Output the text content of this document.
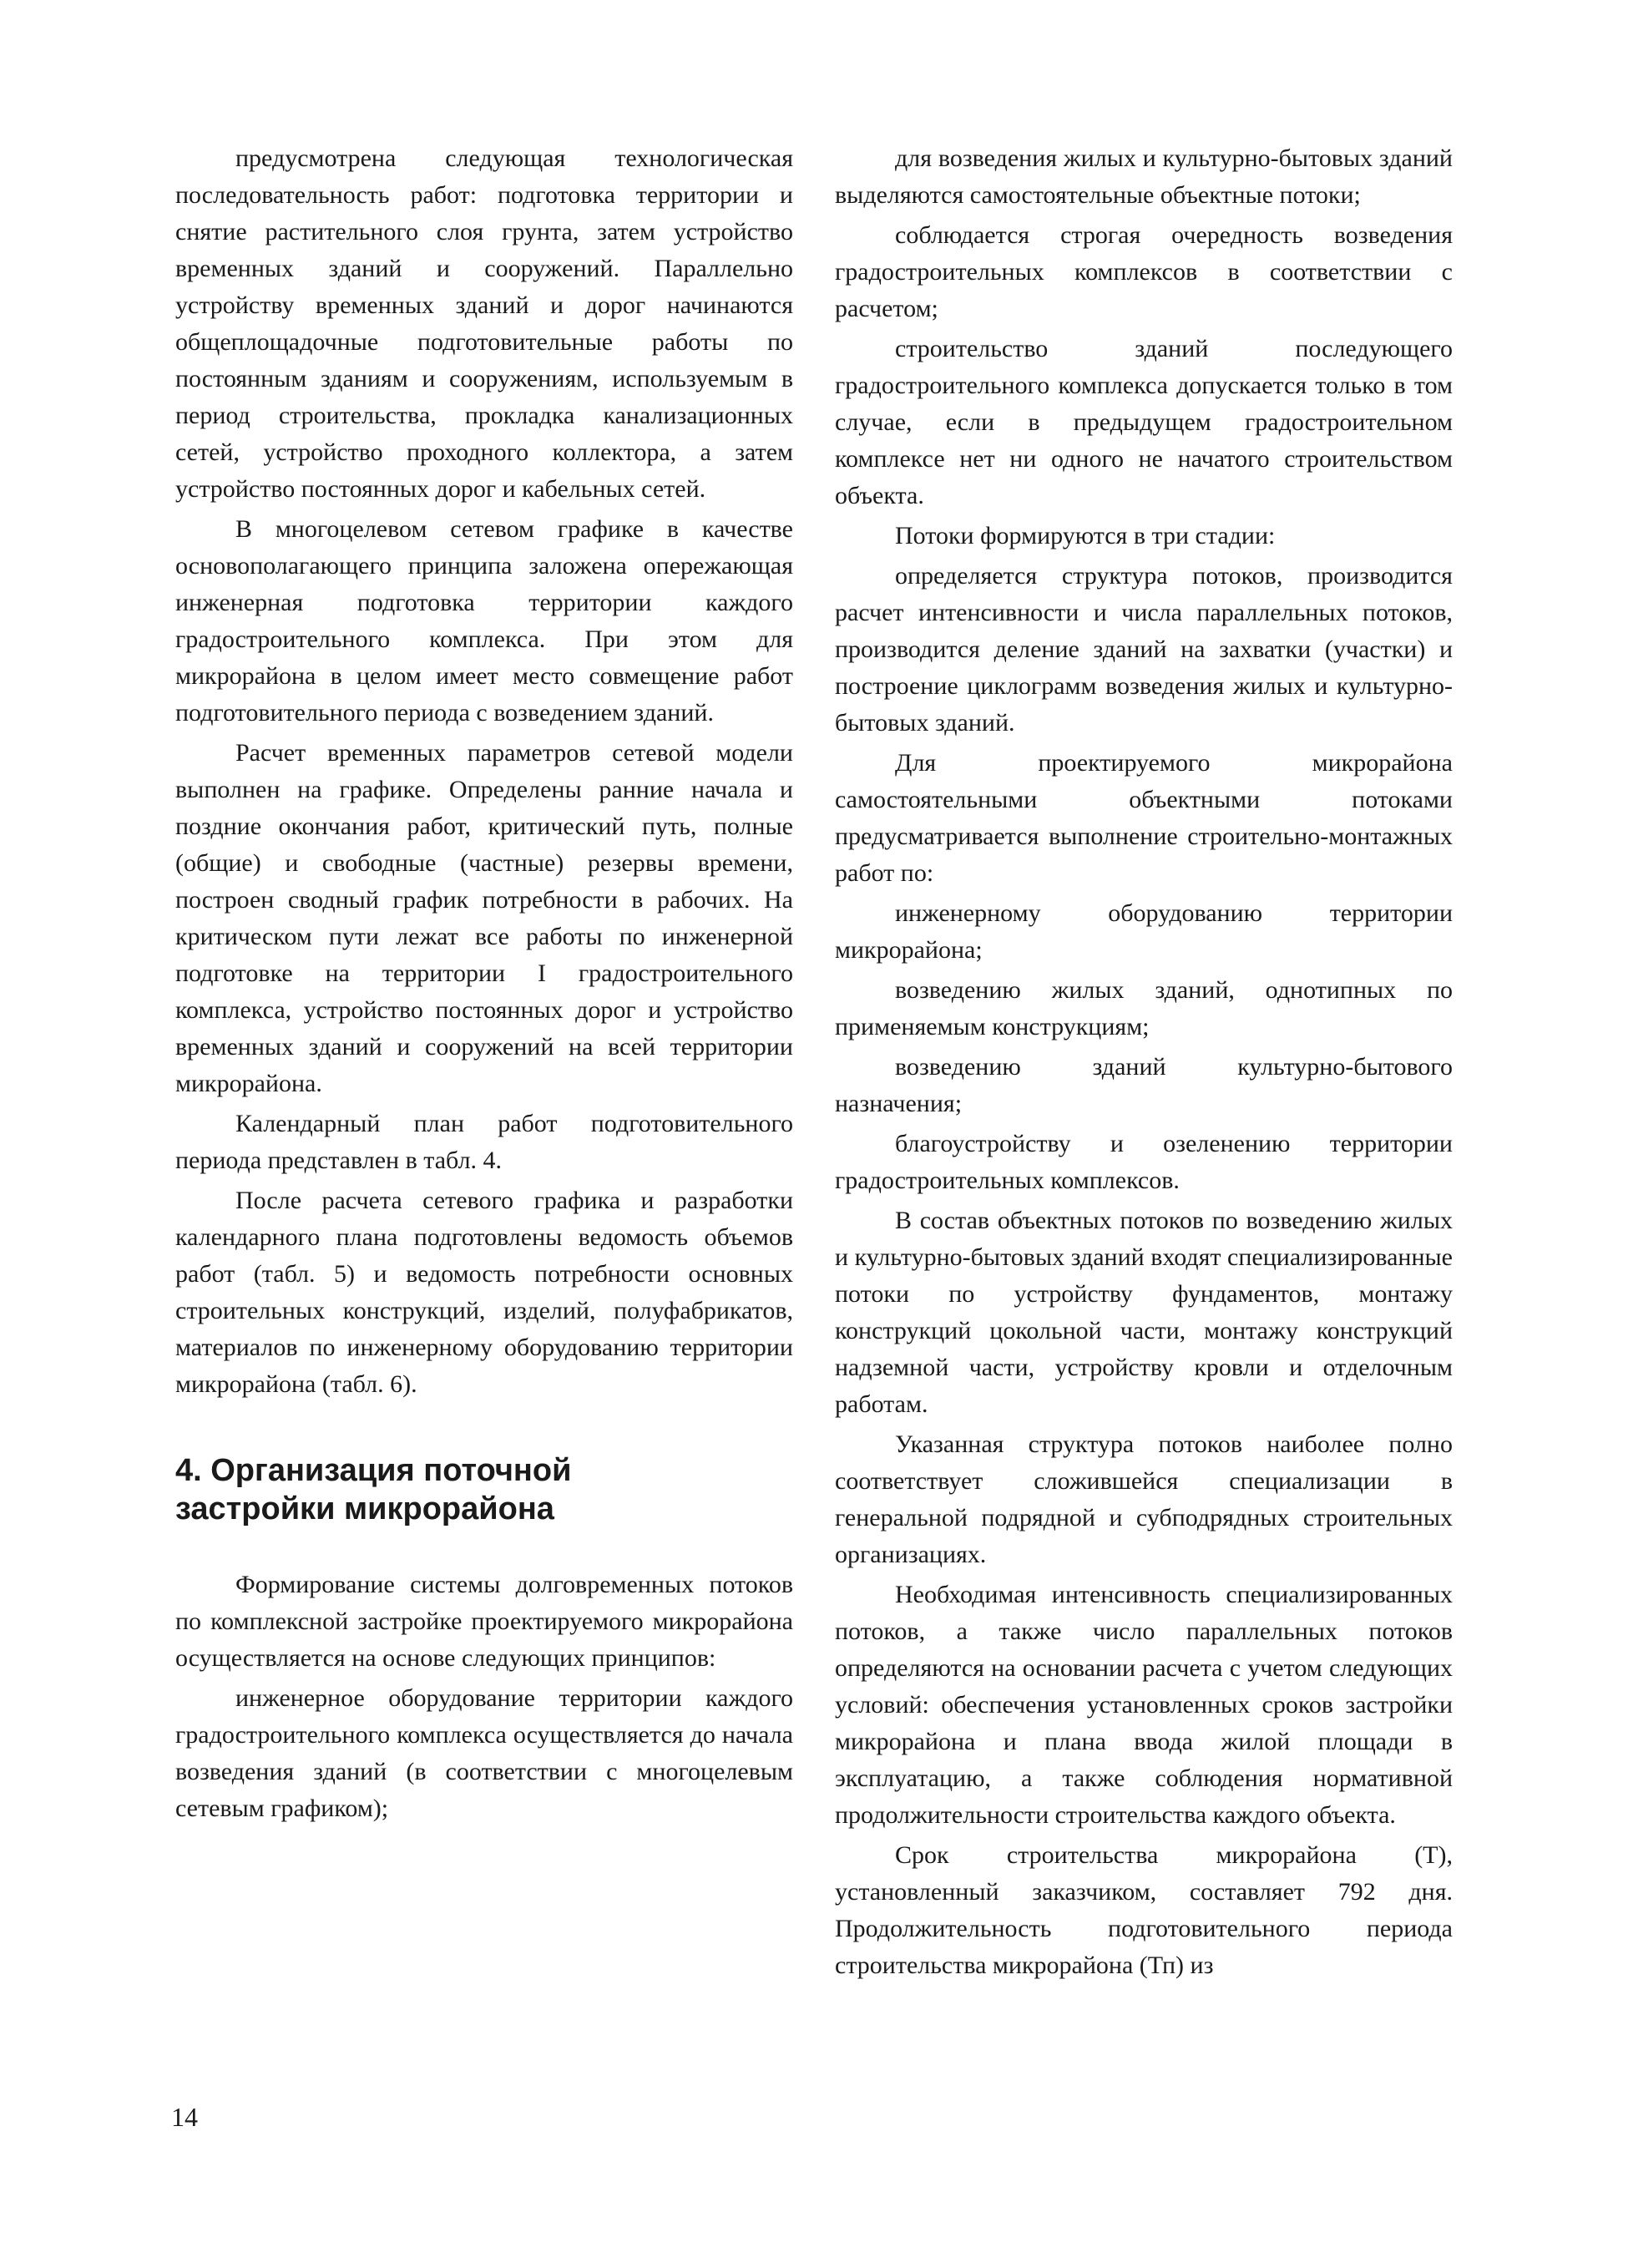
предусмотрена следующая технологическая последовательность работ: подготовка территории и снятие растительного слоя грунта, затем устройство временных зданий и сооружений. Параллельно устройству временных зданий и дорог начинаются общеплощадочные подготовительные работы по постоянным зданиям и сооружениям, используемым в период строительства, прокладка канализационных сетей, устройство проходного коллектора, а затем устройство постоянных дорог и кабельных сетей.

В многоцелевом сетевом графике в качестве основополагающего принципа заложена опережающая инженерная подготовка территории каждого градостроительного комплекса. При этом для микрорайона в целом имеет место совмещение работ подготовительного периода с возведением зданий.

Расчет временных параметров сетевой модели выполнен на графике. Определены ранние начала и поздние окончания работ, критический путь, полные (общие) и свободные (частные) резервы времени, построен сводный график потребности в рабочих. На критическом пути лежат все работы по инженерной подготовке на территории I градостроительного комплекса, устройство постоянных дорог и устройство временных зданий и сооружений на всей территории микрорайона.

Календарный план работ подготовительного периода представлен в табл. 4.

После расчета сетевого графика и разработки календарного плана подготовлены ведомость объемов работ (табл. 5) и ведомость потребности основных строительных конструкций, изделий, полуфабрикатов, материалов по инженерному оборудованию территории микрорайона (табл. 6).

4. Организация поточной
застройки микрорайона

Формирование системы долговременных потоков по комплексной застройке проектируемого микрорайона осуществляется на основе следующих принципов:

инженерное оборудование территории каждого градостроительного комплекса осуществляется до начала возведения зданий (в соответствии с многоцелевым сетевым графиком);

для возведения жилых и культурно-бытовых зданий выделяются самостоятельные объектные потоки;

соблюдается строгая очередность возведения градостроительных комплексов в соответствии с расчетом;

строительство зданий последующего градостроительного комплекса допускается только в том случае, если в предыдущем градостроительном комплексе нет ни одного не начатого строительством объекта.

Потоки формируются в три стадии:

определяется структура потоков, производится расчет интенсивности и числа параллельных потоков, производится деление зданий на захватки (участки) и построение циклограмм возведения жилых и культурно-бытовых зданий.

Для проектируемого микрорайона самостоятельными объектными потоками предусматривается выполнение строительно-монтажных работ по:

инженерному оборудованию территории микрорайона;

возведению жилых зданий, однотипных по применяемым конструкциям;

возведению зданий культурно-бытового назначения;

благоустройству и озеленению территории градостроительных комплексов.

В состав объектных потоков по возведению жилых и культурно-бытовых зданий входят специализированные потоки по устройству фундаментов, монтажу конструкций цокольной части, монтажу конструкций надземной части, устройству кровли и отделочным работам.

Указанная структура потоков наиболее полно соответствует сложившейся специализации в генеральной подрядной и субподрядных строительных организациях.

Необходимая интенсивность специализированных потоков, а также число параллельных потоков определяются на основании расчета с учетом следующих условий: обеспечения установленных сроков застройки микрорайона и плана ввода жилой площади в эксплуатацию, а также соблюдения нормативной продолжительности строительства каждого объекта.

Срок строительства микрорайона (Т), установленный заказчиком, составляет 792 дня. Продолжительность подготовительного периода строительства микрорайона (Тп) из

14
